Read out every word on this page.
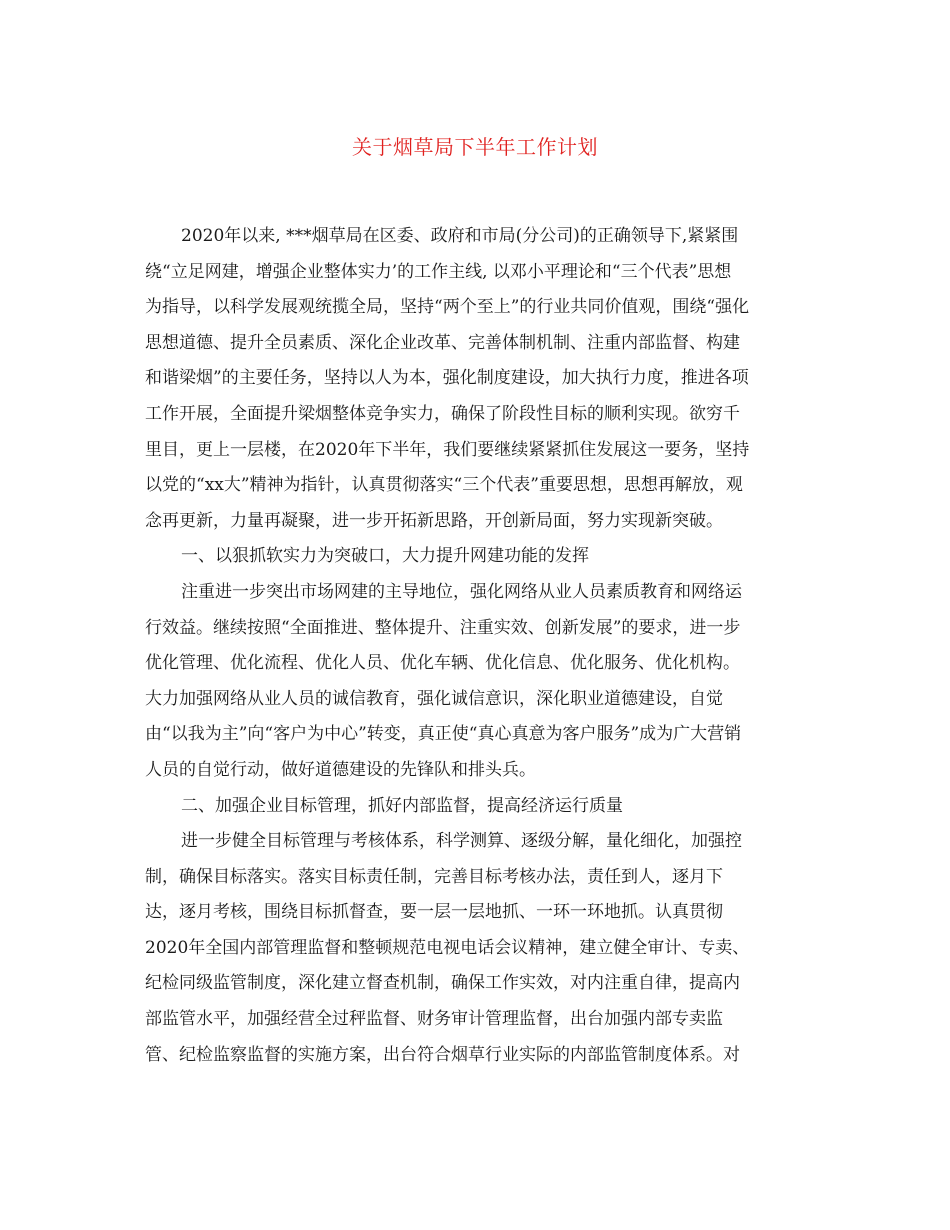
关于烟草局下半年工作计划
2020年以来, ***烟草局在区委、政府和市局(分公司)的正确领导下,紧紧围
绕“立足网建，增强企业整体实力’的工作主线, 以邓小平理论和“三个代表”思想
为指导，以科学发展观统揽全局，坚持“两个至上”的行业共同价值观，围绕“强化
思想道德、提升全员素质、深化企业改革、完善体制机制、注重内部监督、构建
和谐梁烟”的主要任务，坚持以人为本，强化制度建设，加大执行力度，推进各项
工作开展，全面提升梁烟整体竞争实力，确保了阶段性目标的顺利实现。欲穷千
里目，更上一层楼，在2020年下半年，我们要继续紧紧抓住发展这一要务，坚持
以党的“xx大”精神为指针，认真贯彻落实“三个代表”重要思想，思想再解放，观
念再更新，力量再凝聚，进一步开拓新思路，开创新局面，努力实现新突破。
一、以狠抓软实力为突破口，大力提升网建功能的发挥
注重进一步突出市场网建的主导地位，强化网络从业人员素质教育和网络运
行效益。继续按照“全面推进、整体提升、注重实效、创新发展”的要求，进一步
优化管理、优化流程、优化人员、优化车辆、优化信息、优化服务、优化机构。
大力加强网络从业人员的诚信教育，强化诚信意识，深化职业道德建设，自觉
由“以我为主”向“客户为中心”转变，真正使“真心真意为客户服务”成为广大营销
人员的自觉行动，做好道德建设的先锋队和排头兵。
二、加强企业目标管理，抓好内部监督，提高经济运行质量
进一步健全目标管理与考核体系，科学测算、逐级分解，量化细化，加强控
制，确保目标落实。落实目标责任制，完善目标考核办法，责任到人，逐月下
达，逐月考核，围绕目标抓督查，要一层一层地抓、一环一环地抓。认真贯彻
2020年全国内部管理监督和整顿规范电视电话会议精神，建立健全审计、专卖、
纪检同级监管制度，深化建立督查机制，确保工作实效，对内注重自律，提高内
部监管水平，加强经营全过秤监督、财务审计管理监督，出台加强内部专卖监
管、纪检监察监督的实施方案，出台符合烟草行业实际的内部监管制度体系。对
